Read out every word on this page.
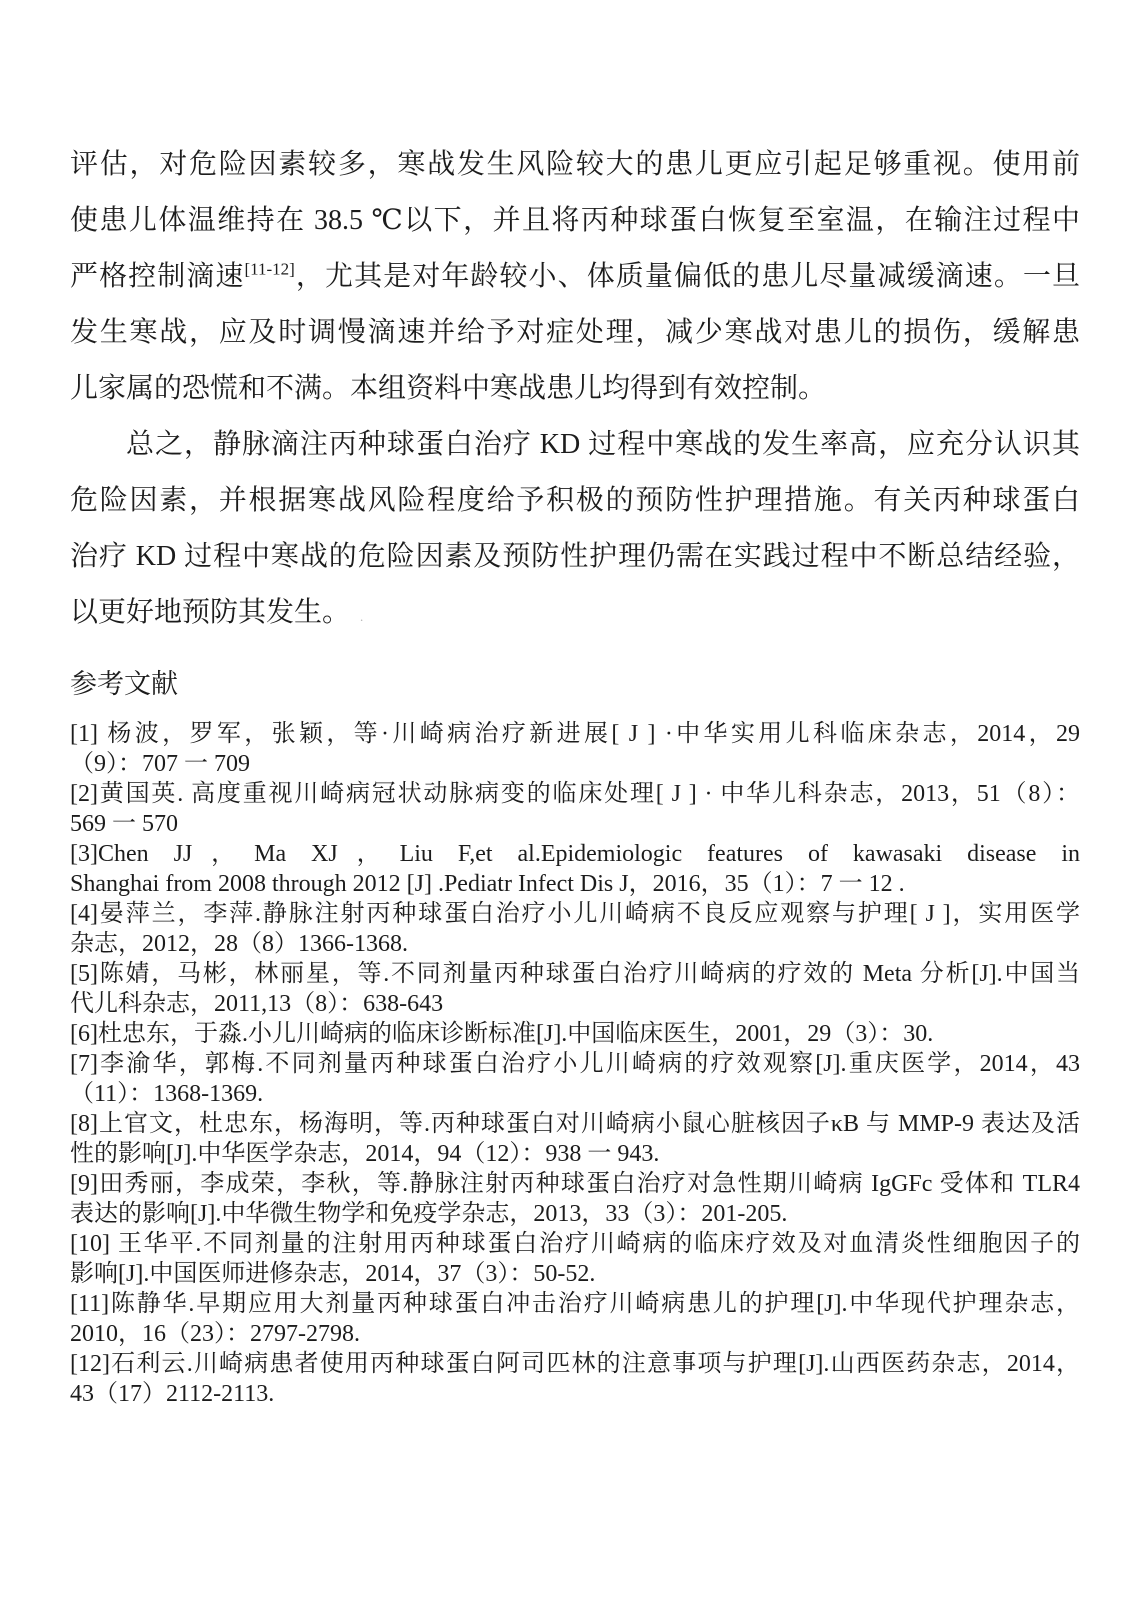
评估，对危险因素较多，寒战发生风险较大的患儿更应引起足够重视。使用前
使患儿体温维持在 38.5 ℃以下，并且将丙种球蛋白恢复至室温，在输注过程中
严格控制滴速[11-12]，尤其是对年龄较小、体质量偏低的患儿尽量减缓滴速。一旦
发生寒战，应及时调慢滴速并给予对症处理，减少寒战对患儿的损伤，缓解患
儿家属的恐慌和不满。本组资料中寒战患儿均得到有效控制。
总之，静脉滴注丙种球蛋白治疗 KD 过程中寒战的发生率高，应充分认识其
危险因素，并根据寒战风险程度给予积极的预防性护理措施。有关丙种球蛋白
治疗 KD 过程中寒战的危险因素及预防性护理仍需在实践过程中不断总结经验，
以更好地预防其发生。 .
参考文献
[1] 杨波，罗军，张颖，等·川崎病治疗新进展[ J ] ·中华实用儿科临床杂志，2014，29
（9）：707 一 709
[2]黄国英. 高度重视川崎病冠状动脉病变的临床处理[ J ] · 中华儿科杂志，2013，51（8）：
569 一 570
[3]Chen JJ，Ma XJ，Liu F,et al.Epidemiologic features of kawasaki disease in
Shanghai from 2008 through 2012 [J] .Pediatr Infect Dis J，2016，35（1）：7 一 12 .
[4]晏萍兰，李萍.静脉注射丙种球蛋白治疗小儿川崎病不良反应观察与护理[ J ]，实用医学
杂志，2012，28（8）1366-1368.
[5]陈婧，马彬，林丽星，等.不同剂量丙种球蛋白治疗川崎病的疗效的 Meta 分析[J].中国当
代儿科杂志，2011,13（8）：638-643
[6]杜忠东，于淼.小儿川崎病的临床诊断标准[J].中国临床医生，2001，29（3）：30.
[7]李渝华，郭梅.不同剂量丙种球蛋白治疗小儿川崎病的疗效观察[J].重庆医学，2014，43
（11）：1368-1369.
[8]上官文，杜忠东，杨海明，等.丙种球蛋白对川崎病小鼠心脏核因子κB 与 MMP-9 表达及活
性的影响[J].中华医学杂志，2014，94（12）：938 一 943.
[9]田秀丽，李成荣，李秋，等.静脉注射丙种球蛋白治疗对急性期川崎病 IgGFc 受体和 TLR4
表达的影响[J].中华微生物学和免疫学杂志，2013，33（3）：201-205.
[10] 王华平.不同剂量的注射用丙种球蛋白治疗川崎病的临床疗效及对血清炎性细胞因子的
影响[J].中国医师进修杂志，2014，37（3）：50-52.
[11]陈静华.早期应用大剂量丙种球蛋白冲击治疗川崎病患儿的护理[J].中华现代护理杂志，
2010，16（23）：2797-2798.
[12]石利云.川崎病患者使用丙种球蛋白阿司匹林的注意事项与护理[J].山西医药杂志，2014，
43（17）2112-2113.
